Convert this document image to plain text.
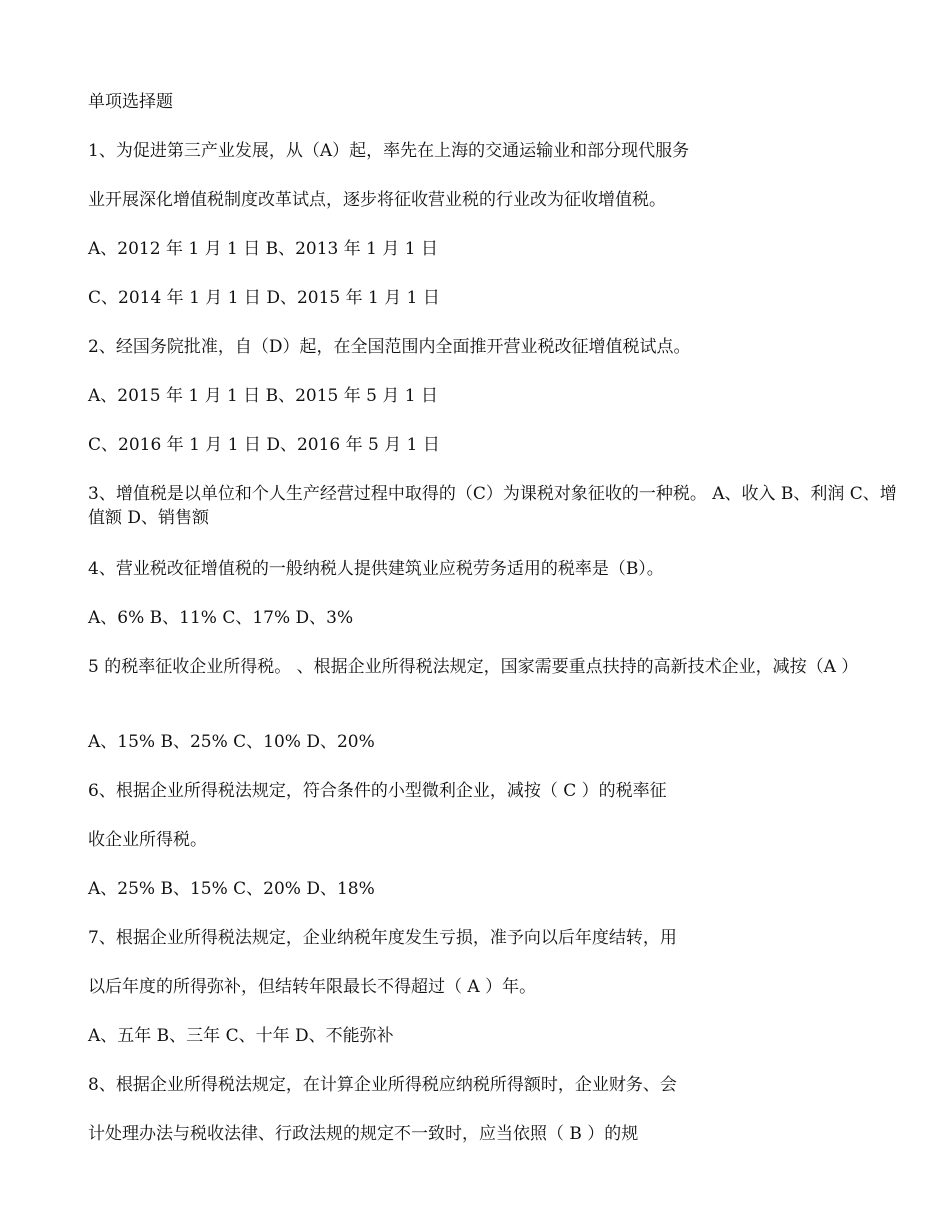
单项选择题
1、为促进第三产业发展，从（A）起，率先在上海的交通运输业和部分现代服务
业开展深化增值税制度改革试点，逐步将征收营业税的行业改为征收增值税。
A、2012 年 1 月 1 日 B、2013 年 1 月 1 日
C、2014 年 1 月 1 日 D、2015 年 1 月 1 日
2、经国务院批准，自（D）起，在全国范围内全面推开营业税改征增值税试点。
A、2015 年 1 月 1 日 B、2015 年 5 月 1 日
C、2016 年 1 月 1 日 D、2016 年 5 月 1 日
3、增值税是以单位和个人生产经营过程中取得的（C）为课税对象征收的一种税。 A、收入 B、利润 C、增值额 D、销售额
4、营业税改征增值税的一般纳税人提供建筑业应税劳务适用的税率是（B）。
A、6% B、11% C、17% D、3%
5 的税率征收企业所得税。 、根据企业所得税法规定，国家需要重点扶持的高新技术企业，减按（A ）
A、15% B、25% C、10% D、20%
6、根据企业所得税法规定，符合条件的小型微利企业，减按（ C ）的税率征
收企业所得税。
A、25% B、15% C、20% D、18%
7、根据企业所得税法规定，企业纳税年度发生亏损，准予向以后年度结转，用
以后年度的所得弥补，但结转年限最长不得超过（ A ）年。
A、五年 B、三年 C、十年 D、不能弥补
8、根据企业所得税法规定，在计算企业所得税应纳税所得额时，企业财务、会
计处理办法与税收法律、行政法规的规定不一致时，应当依照（ B ）的规
